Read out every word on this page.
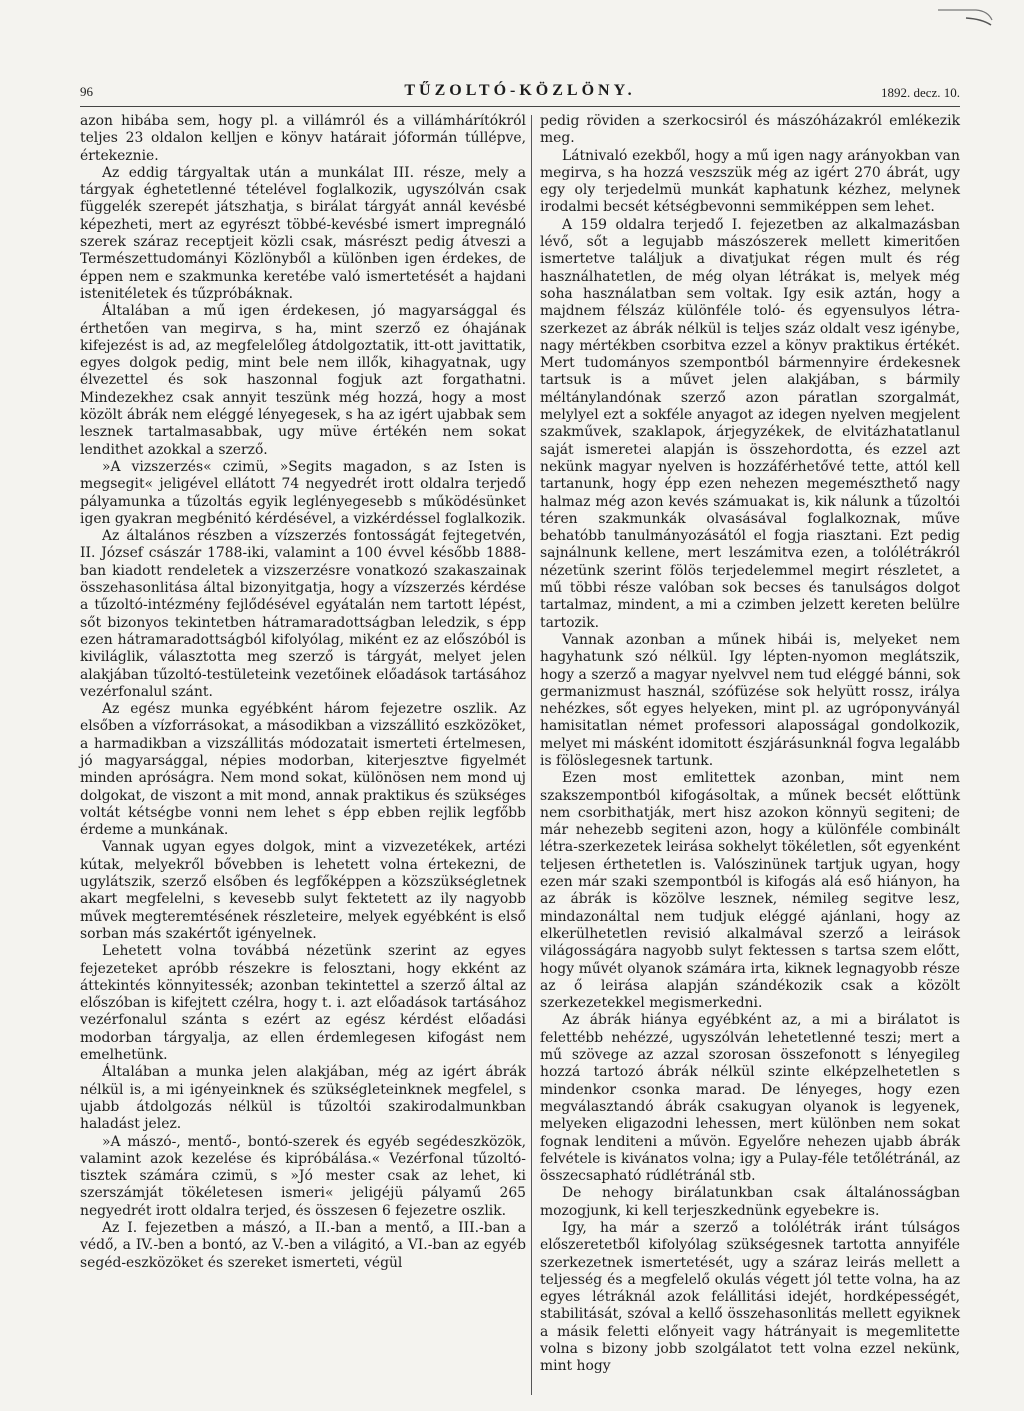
96	TŰZOLTÓ-KÖZLÖNY.	1892. decz. 10.

azon hibába sem, hogy pl. a villámról és a villámhárítókról teljes 23 oldalon kelljen e könyv határait jóformán túllépve, értekeznie.

Az eddig tárgyaltak után a munkálat III. része, mely a tárgyak éghetetlenné tételével foglalkozik, ugyszólván csak függelék szerepét játszhatja, s birálat tárgyát annál kevésbé képezheti, mert az egyrészt többé-kevésbé ismert impregnáló szerek száraz receptjeit közli csak, másrészt pedig átveszi a Természettudományi Közlönyből a különben igen érdekes, de éppen nem e szakmunka keretébe való ismertetését a hajdani istenitéletek és tűzpróbáknak.

Általában a mű igen érdekesen, jó magyarsággal és érthetően van megirva, s ha, mint szerző ez óhajának kifejezést is ad, az megfelelőleg átdolgoztatik, itt-ott javittatik, egyes dolgok pedig, mint bele nem illők, kihagyatnak, ugy élvezettel és sok haszonnal fogjuk azt forgathatni. Mindezekhez csak annyit teszünk még hozzá, hogy a most közölt ábrák nem eléggé lényegesek, s ha az igért ujabbak sem lesznek tartalmasabbak, ugy müve értékén nem sokat lendithet azokkal a szerző.

»A vizszerzés« czimü, »Segits magadon, s az Isten is megsegit« jeligével ellátott 74 negyedrét irott oldalra terjedő pályamunka a tűzoltás egyik leglényegesebb s működésünket igen gyakran megbénitó kérdésével, a vizkérdéssel foglalkozik.

Az általános részben a vízszerzés fontosságát fejtegetvén, II. József császár 1788-iki, valamint a 100 évvel később 1888-ban kiadott rendeletek a vizszerzésre vonatkozó szakaszainak összehasonlitása által bizonyitgatja, hogy a vízszerzés kérdése a tűzoltó-intézmény fejlődésével egyátalán nem tartott lépést, sőt bizonyos tekintetben hátramaradottságban leledzik, s épp ezen hátramaradottságból kifolyólag, miként ez az előszóból is kiviláglik, választotta meg szerző is tárgyát, melyet jelen alakjában tűzoltó-testületeink vezetőinek előadások tartásához vezérfonalul szánt.

Az egész munka egyébként három fejezetre oszlik. Az elsőben a vízforrásokat, a másodikban a vizszállitó eszközöket, a harmadikban a vizszállitás módozatait ismerteti értelmesen, jó magyarsággal, népies modorban, kiterjesztve figyelmét minden apróságra. Nem mond sokat, különösen nem mond uj dolgokat, de viszont a mit mond, annak praktikus és szükséges voltát kétségbe vonni nem lehet s épp ebben rejlik legfőbb érdeme a munkának.

Vannak ugyan egyes dolgok, mint a vizvezetékek, artézi kútak, melyekről bővebben is lehetett volna értekezni, de ugylátszik, szerző elsőben és legfőképpen a közszükségletnek akart megfelelni, s kevesebb sulyt fektetett az ily nagyobb művek megteremtésének részleteire, melyek egyébként is első sorban más szakértőt igényelnek.

Lehetett volna továbbá nézetünk szerint az egyes fejezeteket apróbb részekre is felosztani, hogy ekként az áttekintés könnyitessék; azonban tekintettel a szerző által az előszóban is kifejtett czélra, hogy t. i. azt előadások tartásához vezérfonalul szánta s ezért az egész kérdést előadási modorban tárgyalja, az ellen érdemlegesen kifogást nem emelhetünk.

Általában a munka jelen alakjában, még az igért ábrák nélkül is, a mi igényeinknek és szükségleteinknek megfelel, s ujabb átdolgozás nélkül is tűzoltói szakirodalmunkban haladást jelez.

»A mászó-, mentő-, bontó-szerek és egyéb segédeszközök, valamint azok kezelése és kipróbálása.« Vezérfonal tűzoltó-tisztek számára czimü, s »Jó mester csak az lehet, ki szerszámját tökéletesen ismeri« jeligéjü pályamű 265 negyedrét irott oldalra terjed, és összesen 6 fejezetre oszlik.

Az I. fejezetben a mászó, a II.-ban a mentő, a III.-ban a védő, a IV.-ben a bontó, az V.-ben a világitó, a VI.-ban az egyéb segéd-eszközöket és szereket ismerteti, végül

pedig röviden a szerkocsiról és mászóházakról emlékezik meg.

Látnivaló ezekből, hogy a mű igen nagy arányokban van megirva, s ha hozzá veszszük még az igért 270 ábrát, ugy egy oly terjedelmü munkát kaphatunk kézhez, melynek irodalmi becsét kétségbevonni semmiképpen sem lehet.

A 159 oldalra terjedő I. fejezetben az alkalmazásban lévő, sőt a legujabb mászószerek mellett kimeritően ismertetve találjuk a divatjukat régen mult és rég használhatetlen, de még olyan létrákat is, melyek még soha használatban sem voltak. Igy esik aztán, hogy a majdnem félszáz különféle toló- és egyensulyos létra-szerkezet az ábrák nélkül is teljes száz oldalt vesz igénybe, nagy mértékben csorbitva ezzel a könyv praktikus értékét. Mert tudományos szempontból bármennyire érdekesnek tartsuk is a művet jelen alakjában, s bármily méltánylandónak szerző azon páratlan szorgalmát, melylyel ezt a sokféle anyagot az idegen nyelven megjelent szakművek, szaklapok, árjegyzékek, de elvitázhatatlanul saját ismeretei alapján is összehordotta, és ezzel azt nekünk magyar nyelven is hozzáférhetővé tette, attól kell tartanunk, hogy épp ezen nehezen megemészthető nagy halmaz még azon kevés számuakat is, kik nálunk a tűzoltói téren szakmunkák olvasásával foglalkoznak, műve behatóbb tanulmányozásától el fogja riasztani. Ezt pedig sajnálnunk kellene, mert leszámitva ezen, a tolólétrákról nézetünk szerint fölös terjedelemmel megirt részletet, a mű többi része valóban sok becses és tanulságos dolgot tartalmaz, mindent, a mi a czimben jelzett kereten belülre tartozik.

Vannak azonban a műnek hibái is, melyeket nem hagyhatunk szó nélkül. Igy lépten-nyomon meglátszik, hogy a szerző a magyar nyelvvel nem tud eléggé bánni, sok germanizmust használ, szófüzése sok helyütt rossz, irálya nehézkes, sőt egyes helyeken, mint pl. az ugróponyványál hamisitatlan német professori alaposságal gondolkozik, melyet mi másként idomitott észjárásunknál fogva legalább is fölöslegesnek tartunk.

Ezen most emlitettek azonban, mint nem szakszempontból kifogásoltak, a műnek becsét előttünk nem csorbithatják, mert hisz azokon könnyü segiteni; de már nehezebb segiteni azon, hogy a különféle combinált létra-szerkezetek leirása sokhelyt tökéletlen, sőt egyenként teljesen érthetetlen is. Valószinünek tartjuk ugyan, hogy ezen már szaki szempontból is kifogás alá eső hiányon, ha az ábrák is közölve lesznek, némileg segitve lesz, mindazonáltal nem tudjuk eléggé ajánlani, hogy az elkerülhetetlen revisió alkalmával szerző a leirások világosságára nagyobb sulyt fektessen s tartsa szem előtt, hogy művét olyanok számára irta, kiknek legnagyobb része az ő leirása alapján szándékozik csak a közölt szerkezetekkel megismerkedni.

Az ábrák hiánya egyébként az, a mi a birálatot is felettébb nehézzé, ugyszólván lehetetlenné teszi; mert a mű szövege az azzal szorosan összefonott s lényegileg hozzá tartozó ábrák nélkül szinte elképzelhetetlen s mindenkor csonka marad. De lényeges, hogy ezen megválasztandó ábrák csakugyan olyanok is legyenek, melyeken eligazodni lehessen, mert különben nem sokat fognak lenditeni a művön. Egyelőre nehezen ujabb ábrák felvétele is kivánatos volna; igy a Pulay-féle tetőlétránál, az összecsapható rúdlétránál stb.

De nehogy birálatunkban csak általánosságban mozogjunk, ki kell terjeszkednünk egyebekre is.

Igy, ha már a szerző a tolólétrák iránt túlságos előszeretetből kifolyólag szükségesnek tartotta annyiféle szerkezetnek ismertetését, ugy a száraz leirás mellett a teljesség és a megfelelő okulás végett jól tette volna, ha az egyes létráknál azok felállitási idejét, hordképességét, stabilitását, szóval a kellő összehasonlitás mellett egyiknek a másik feletti előnyeit vagy hátrányait is megemlitette volna s bizony jobb szolgálatot tett volna ezzel nekünk, mint hogy
